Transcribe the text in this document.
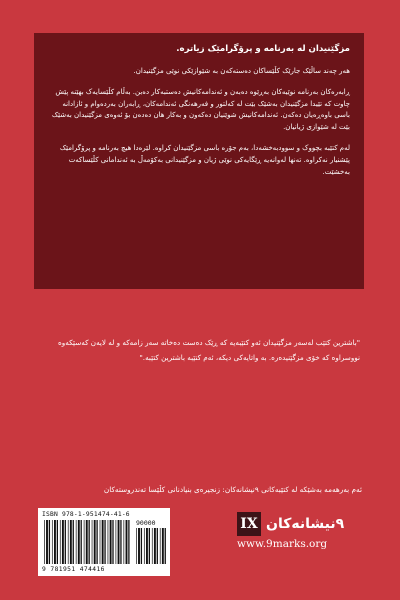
مزگێنیدان لە بەرنامە و پرۆگرامێک زیاترە.

هەر چەند ساڵێک جارێک کڵێساکان دەستەکەن بە شێوازێکی نوێی مزگێنیدان.

ڕابەرەکان بەرنامە نوێیەکان بەڕێوە دەبەن و ئەندامەکانیش دەستبەکار دەبن. بەڵام کڵێسایەک بهێنە پێش چاوت کە تێیدا مزگێنیدان بەشێک بێت لە کەلتور و فەرهەنگی ئەندامەکان، ڕابەران بەردەوام و ئازادانە باسی باوەڕەیان دەکەن. ئەندامەکانیش شوێنیان دەکەون و بەکار هان دەدەن بۆ ئەوەی مزگێنیدان بەشێک بێت لە شێوازی ژیانیان.

لەم کتێبە بچووک و سوودبەخشەدا، بەم جۆرە باسی مزگێنیدان کراوە. لێرەدا هیچ بەرنامە و پرۆگرامێک پێشنیار نەکراوە. تەنها لەوانەیە ڕێگایەکی نوێی ژیان و مزگێنیدانی بەکۆمەڵ بە ئەندامانی کڵێساکەت بەخشێت.

"باشترین کتێب لەسەر مزگێنیدان ئەو کتێبەیە کە ڕێک دەست دەخاتە سەر زامەکە و لە لایەن کەسێکەوە نووسراوە کە خۆی مزگێنیدەرە. بە واتایەکی دیکە، ئەم کتێبە باشترین کتێبە."
ئەم بەرهەمە بەشێکە لە کتێبەکانی ٩نیشانەکان: زنجیرەی بنیادنانی کڵێسا تەندروستەکان
ISBN 978-1-951474-41-6
90000
9 781951 474416
IX ٩نیشانەکان
www.9marks.org
